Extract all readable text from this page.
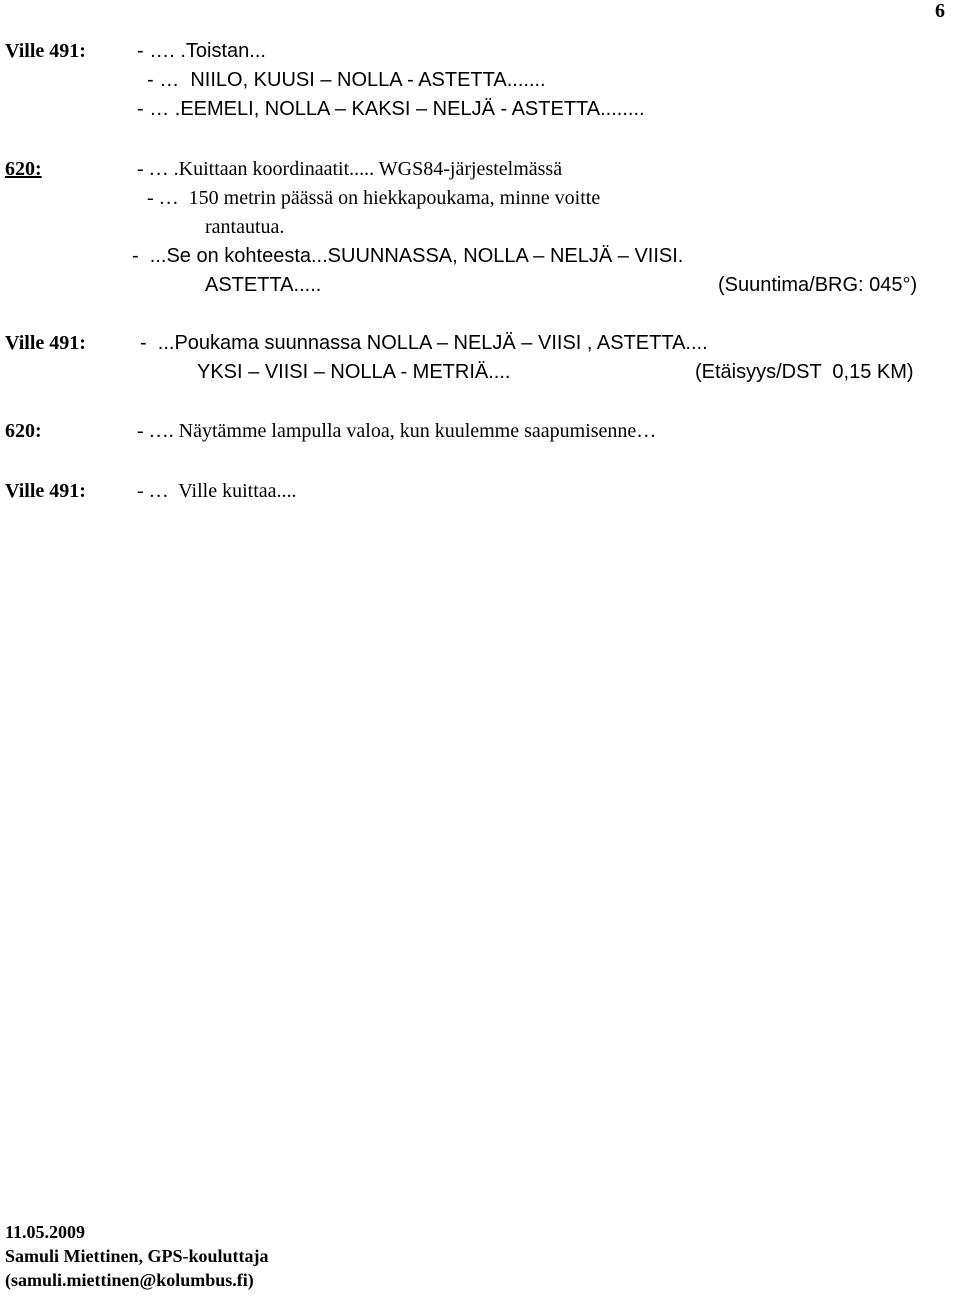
6
Ville 491:	- …. .Toistan...
- …  NIILO, KUUSI – NOLLA - ASTETTA.......
- … .EEMELI, NOLLA – KAKSI – NELJÄ - ASTETTA........
620:	- … .Kuittaan koordinaatit..... WGS84-järjestelmässä
- …  150 metrin päässä on hiekkapoukama, minne voitte
rantautua.
-  ...Se on kohteesta...SUUNNASSA, NOLLA – NELJÄ – VIISI.
ASTETTA.....	(Suuntima/BRG: 045°)
Ville 491:	-  ...Poukama suunnassa NOLLA – NELJÄ – VIISI , ASTETTA....
YKSI – VIISI – NOLLA - METRIÄ....	(Etäisyys/DST  0,15 KM)
620:	- …. Näytämme lampulla valoa, kun kuulemme saapumisenne…
Ville 491:	- …  Ville kuittaa....
11.05.2009
Samuli Miettinen, GPS-kouluttaja
(samuli.miettinen@kolumbus.fi)
